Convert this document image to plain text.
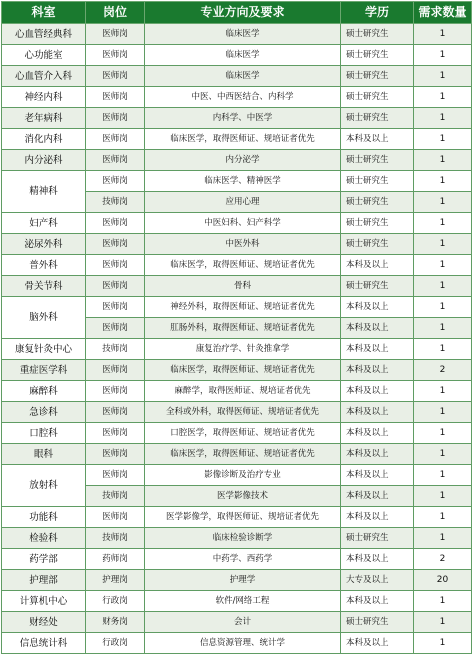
科室	岗位	专业方向及要求	学历	需求数量
心血管经典科	医师岗	临床医学	硕士研究生	1
心功能室	医师岗	临床医学	硕士研究生	1
心血管介入科	医师岗	临床医学	硕士研究生	1
神经内科	医师岗	中医、中西医结合、内科学	硕士研究生	1
老年病科	医师岗	内科学、中医学	硕士研究生	1
消化内科	医师岗	临床医学，取得医师证、规培证者优先	本科及以上	1
内分泌科	医师岗	内分泌学	硕士研究生	1
精神科	医师岗	临床医学、精神医学	硕士研究生	1
	技师岗	应用心理	硕士研究生	1
妇产科	医师岗	中医妇科、妇产科学	硕士研究生	1
泌尿外科	医师岗	中医外科	硕士研究生	1
普外科	医师岗	临床医学，取得医师证、规培证者优先	本科及以上	1
骨关节科	医师岗	骨科	硕士研究生	1
脑外科	医师岗	神经外科，取得医师证、规培证者优先	本科及以上	1
	医师岗	肛肠外科，取得医师证、规培证者优先	本科及以上	1
康复针灸中心	技师岗	康复治疗学、针灸推拿学	本科及以上	1
重症医学科	医师岗	临床医学，取得医师证、规培证者优先	本科及以上	2
麻醉科	医师岗	麻醉学，取得医师证、规培证者优先	本科及以上	1
急诊科	医师岗	全科或外科，取得医师证、规培证者优先	本科及以上	1
口腔科	医师岗	口腔医学，取得医师证、规培证者优先	本科及以上	1
眼科	医师岗	临床医学，取得医师证、规培证者优先	本科及以上	1
放射科	医师岗	影像诊断及治疗专业	本科及以上	1
	技师岗	医学影像技术	本科及以上	1
功能科	医师岗	医学影像学，取得医师证、规培证者优先	本科及以上	1
检验科	技师岗	临床检验诊断学	硕士研究生	1
药学部	药师岗	中药学、西药学	本科及以上	2
护理部	护理岗	护理学	大专及以上	20
计算机中心	行政岗	软件/网络工程	本科及以上	1
财经处	财务岗	会计	硕士研究生	1
信息统计科	行政岗	信息资源管理、统计学	本科及以上	1
